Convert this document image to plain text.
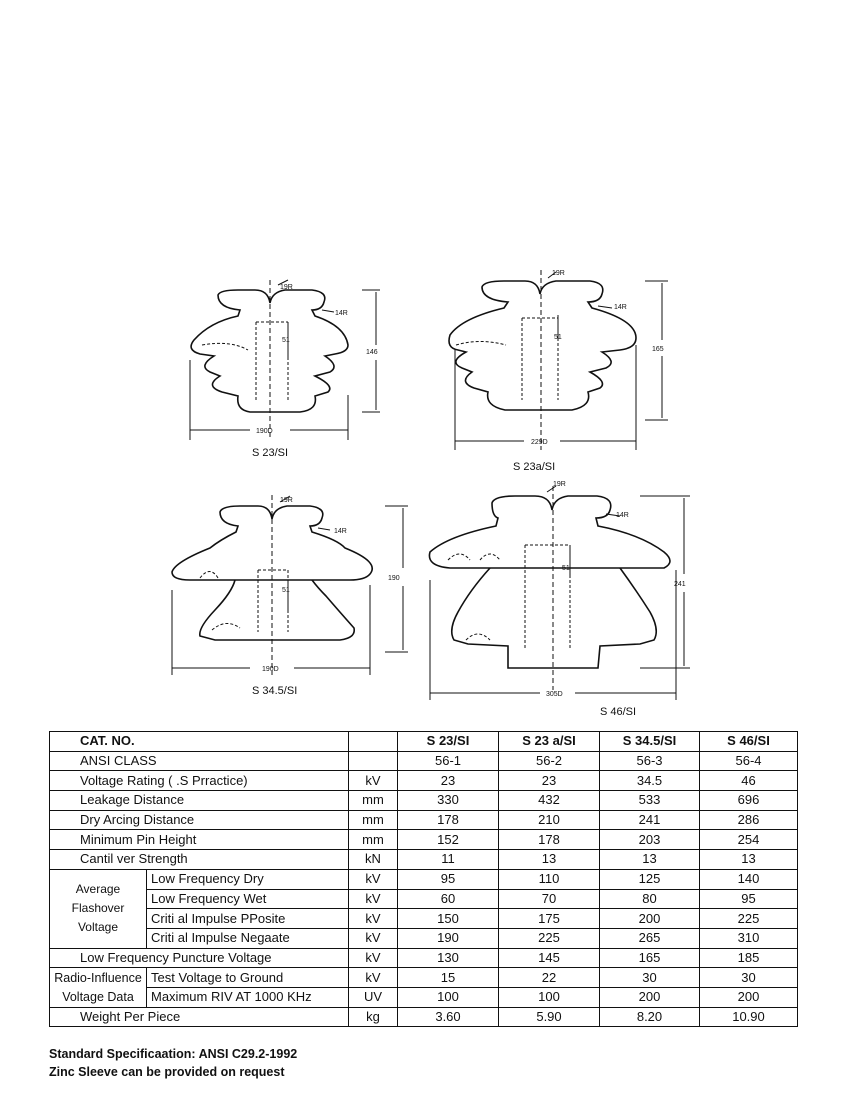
19R
14R
51
146
190D
19R
14R
51
165
229D
19R
14R
51
190
190D
19R
14R
51
241
305D
S 23/SI
S 23a/SI
S 34.5/SI
S 46/SI
CAT. NO.			S 23/SI	S 23 a/SI	S 34.5/SI	S 46/SI
ANSI CLASS			56-1	56-2	56-3	56-4
Voltage Rating ( .S Prractice)		kV	23	23	34.5	46
Leakage Distance		mm	330	432	533	696
Dry Arcing Distance		mm	178	210	241	286
Minimum Pin Height		mm	152	178	203	254
Cantil ver Strength		kN	11	13	13	13
Average
Flashover
Voltage	Low Frequency Dry	kV	95	110	125	140
	Low Frequency Wet	kV	60	70	80	95
	Criti al Impulse PPosite	kV	150	175	200	225
	Criti al Impulse Negaate	kV	190	225	265	310
Low Frequency Puncture Voltage		kV	130	145	165	185
Radio-Influence	Test Voltage to Ground	kV	15	22	30	30
Voltage Data	Maximum RIV AT 1000 KHz	UV	100	100	200	200
Weight Per Piece		kg	3.60	5.90	8.20	10.90
Standard Specificaation: ANSI C29.2-1992
Zinc Sleeve can be provided on request
